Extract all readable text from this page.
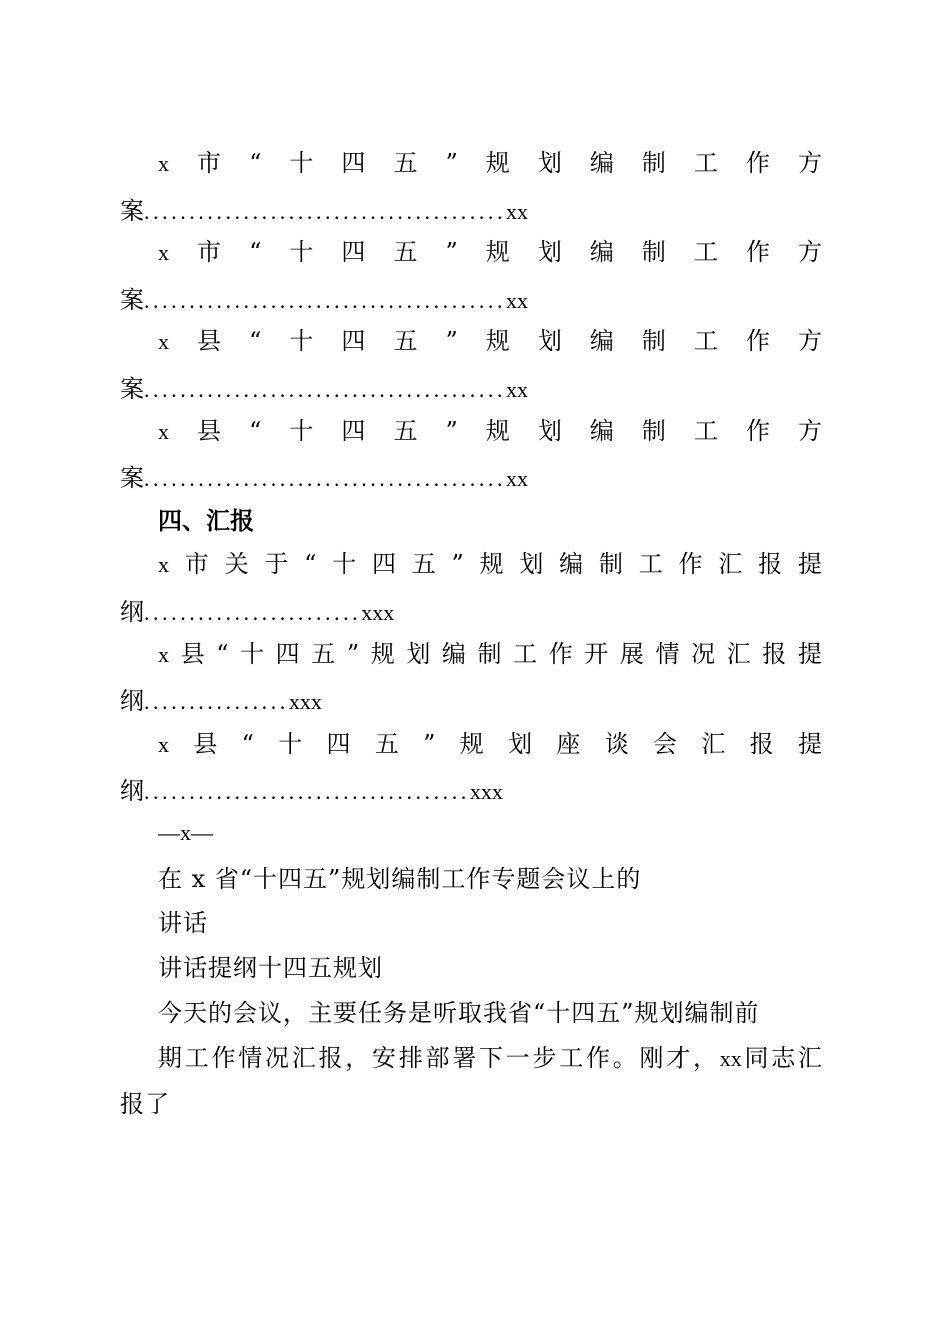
x 市 “ 十 四 五 ” 规 划 编 制 工 作 方
案 ........................................ xx
x 市 “ 十 四 五 ” 规 划 编 制 工 作 方
案 ........................................ xx
x 县 “ 十 四 五 ” 规 划 编 制 工 作 方
案 ........................................ xx
x 县 “ 十 四 五 ” 规 划 编 制 工 作 方
案 ........................................ xx
四、汇报
x 市 关 于 “ 十 四 五 ” 规 划 编 制 工 作 汇 报 提
纲 ........................ xxx
x 县 “ 十 四 五 ” 规 划 编 制 工 作 开 展 情 况 汇 报 提
纲 ................ xxx
x 县 “ 十 四 五 ” 规 划 座 谈 会 汇 报 提
纲 .................................... xxx
—x—
在 x 省“十四五”规划编制工作专题会议上的
讲话
讲话提纲十四五规划
今天的会议，主要任务是听取我省“十四五”规划编制前
期 工 作 情 况 汇 报 ， 安 排 部 署 下 一 步 工 作 。 刚 才 ， xx 同 志 汇
报了
